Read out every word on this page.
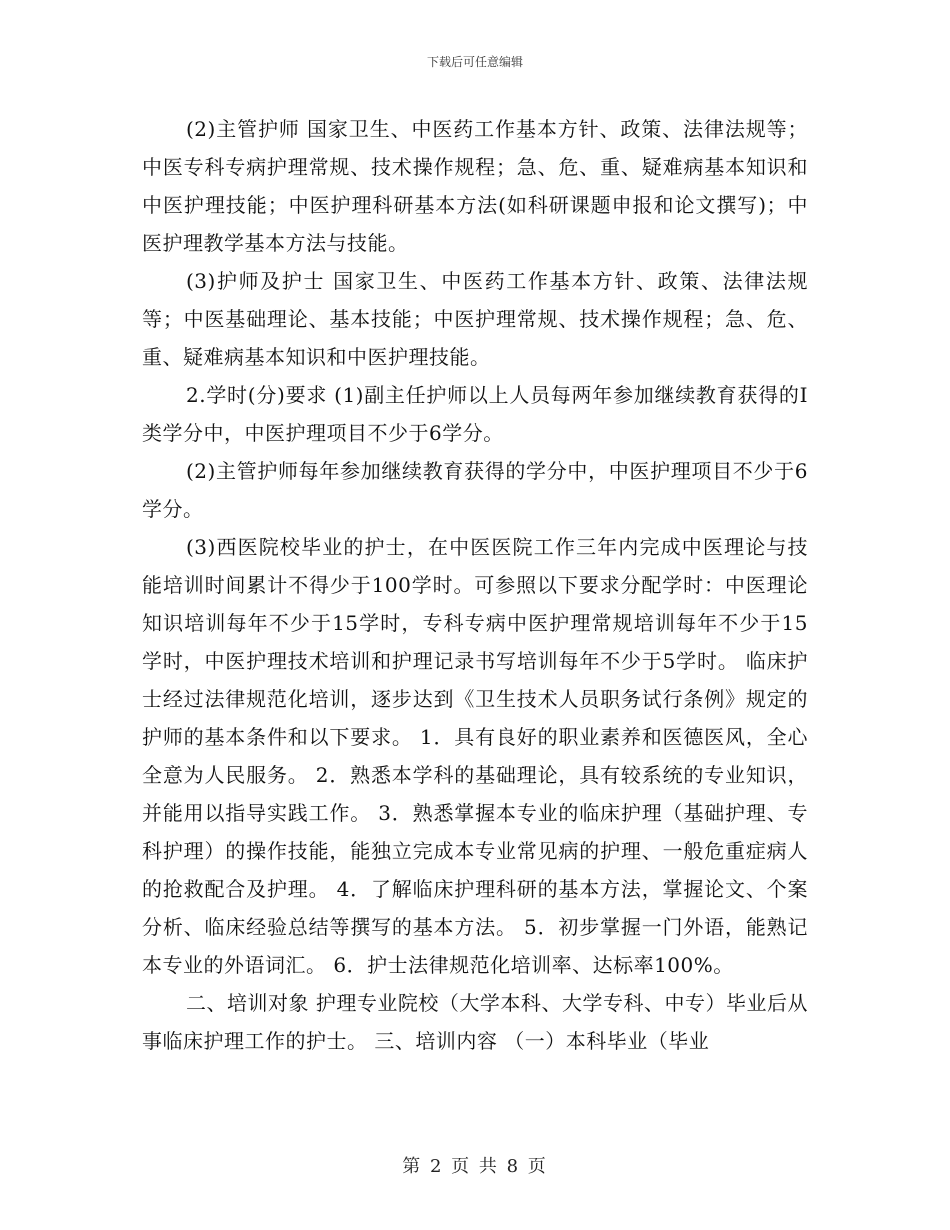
下载后可任意编辑

(2)主管护师 国家卫生、中医药工作基本方针、政策、法律法规等；中医专科专病护理常规、技术操作规程；急、危、重、疑难病基本知识和中医护理技能；中医护理科研基本方法(如科研课题申报和论文撰写)；中医护理教学基本方法与技能。

(3)护师及护士 国家卫生、中医药工作基本方针、政策、法律法规等；中医基础理论、基本技能；中医护理常规、技术操作规程；急、危、重、疑难病基本知识和中医护理技能。

2.学时(分)要求 (1)副主任护师以上人员每两年参加继续教育获得的Ⅰ类学分中，中医护理项目不少于6学分。

(2)主管护师每年参加继续教育获得的学分中，中医护理项目不少于6学分。

(3)西医院校毕业的护士，在中医医院工作三年内完成中医理论与技能培训时间累计不得少于100学时。可参照以下要求分配学时：中医理论知识培训每年不少于15学时，专科专病中医护理常规培训每年不少于15学时，中医护理技术培训和护理记录书写培训每年不少于5学时。 临床护士经过法律规范化培训，逐步达到《卫生技术人员职务试行条例》规定的护师的基本条件和以下要求。 1．具有良好的职业素养和医德医风，全心全意为人民服务。 2．熟悉本学科的基础理论，具有较系统的专业知识，并能用以指导实践工作。 3．熟悉掌握本专业的临床护理（基础护理、专科护理）的操作技能，能独立完成本专业常见病的护理、一般危重症病人的抢救配合及护理。 4．了解临床护理科研的基本方法，掌握论文、个案分析、临床经验总结等撰写的基本方法。 5．初步掌握一门外语，能熟记本专业的外语词汇。 6．护士法律规范化培训率、达标率100%。

二、培训对象 护理专业院校（大学本科、大学专科、中专）毕业后从事临床护理工作的护士。 三、培训内容 （一）本科毕业（毕业

第 2 页 共 8 页
